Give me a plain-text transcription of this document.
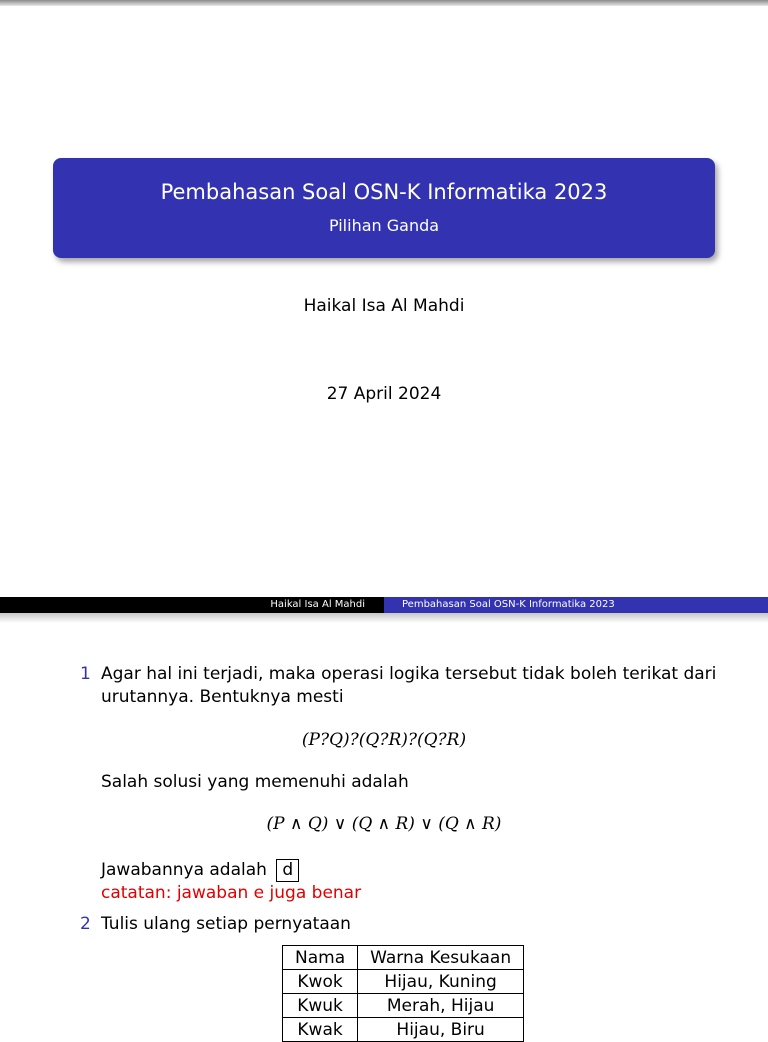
Pembahasan Soal OSN-K Informatika 2023
Pilihan Ganda
Haikal Isa Al Mahdi
27 April 2024
Haikal Isa Al Mahdi	Pembahasan Soal OSN-K Informatika 2023
1 Agar hal ini terjadi, maka operasi logika tersebut tidak boleh terikat dari
urutannya. Bentuknya mesti
(P?Q)?(Q?R)?(Q?R)
Salah solusi yang memenuhi adalah
(P ∧ Q) ∨ (Q ∧ R) ∨ (Q ∧ R)
Jawabannya adalah d
catatan: jawaban e juga benar
2 Tulis ulang setiap pernyataan
Nama	Warna Kesukaan
Kwok	Hijau, Kuning
Kwuk	Merah, Hijau
Kwak	Hijau, Biru
